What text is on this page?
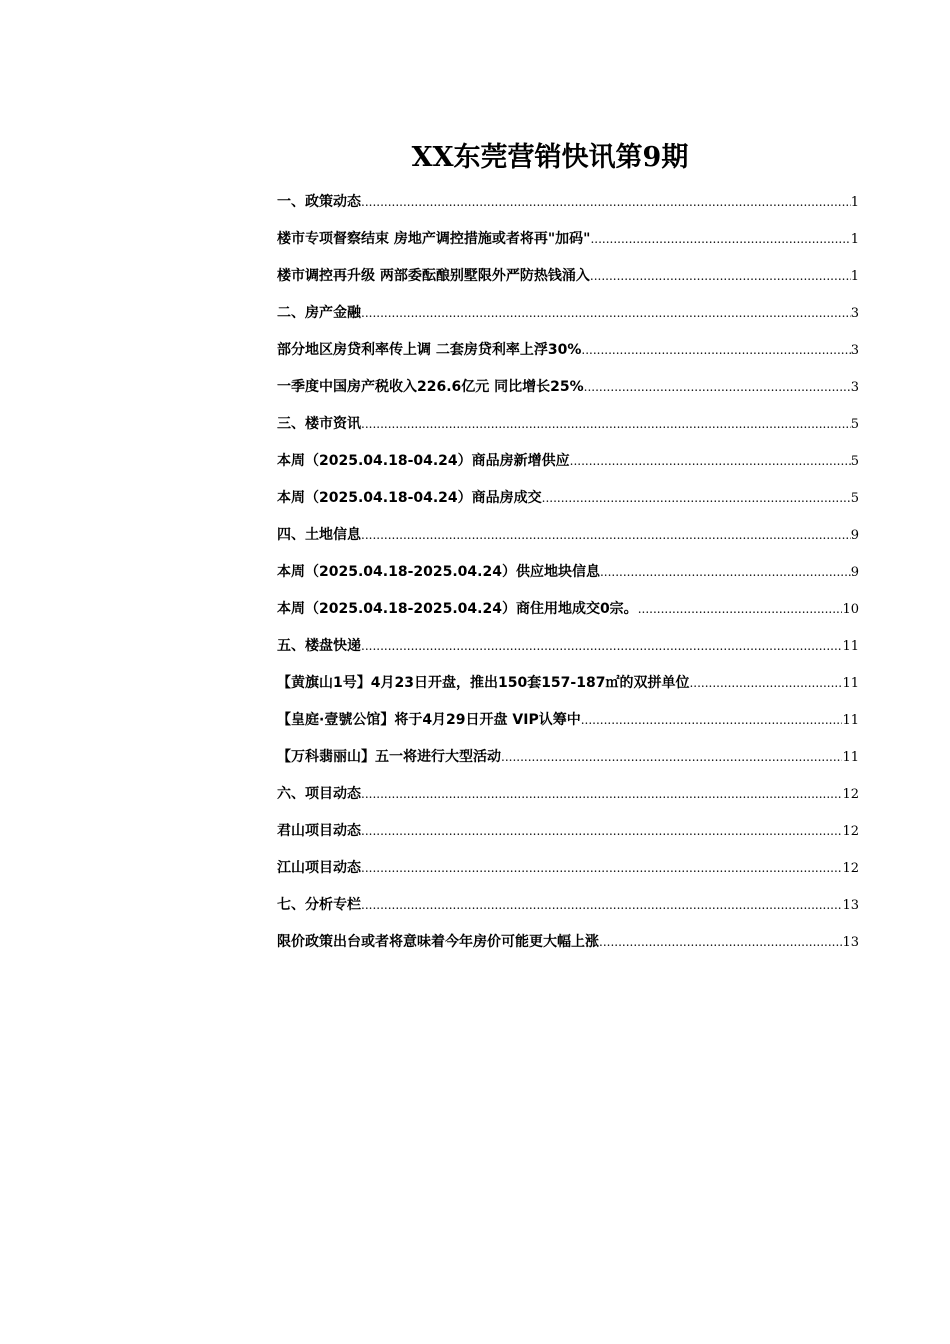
XX东莞营销快讯第9期
一、政策动态 .....	1
楼市专项督察结束 房地产调控措施或者将再"加码" .....	1
楼市调控再升级 两部委酝酿别墅限外严防热钱涌入 .....	1
二、房产金融 .....	3
部分地区房贷利率传上调 二套房贷利率上浮30% .....	3
一季度中国房产税收入226.6亿元 同比增长25% .....	3
三、楼市资讯 .....	5
本周（2025.04.18-04.24）商品房新增供应 .....	5
本周（2025.04.18-04.24）商品房成交 .....	5
四、土地信息 .....	9
本周（2025.04.18-2025.04.24）供应地块信息 .....	9
本周（2025.04.18-2025.04.24）商住用地成交0宗。 .....	10
五、楼盘快递 .....	11
【黄旗山1号】4月23日开盘，推出150套157-187㎡的双拼单位 .....	11
【皇庭·壹號公馆】将于4月29日开盘 VIP认筹中 .....	11
【万科翡丽山】五一将进行大型活动 .....	11
六、项目动态 .....	12
君山项目动态 .....	12
江山项目动态 .....	12
七、分析专栏 .....	13
限价政策出台或者将意味着今年房价可能更大幅上涨 .....	13
